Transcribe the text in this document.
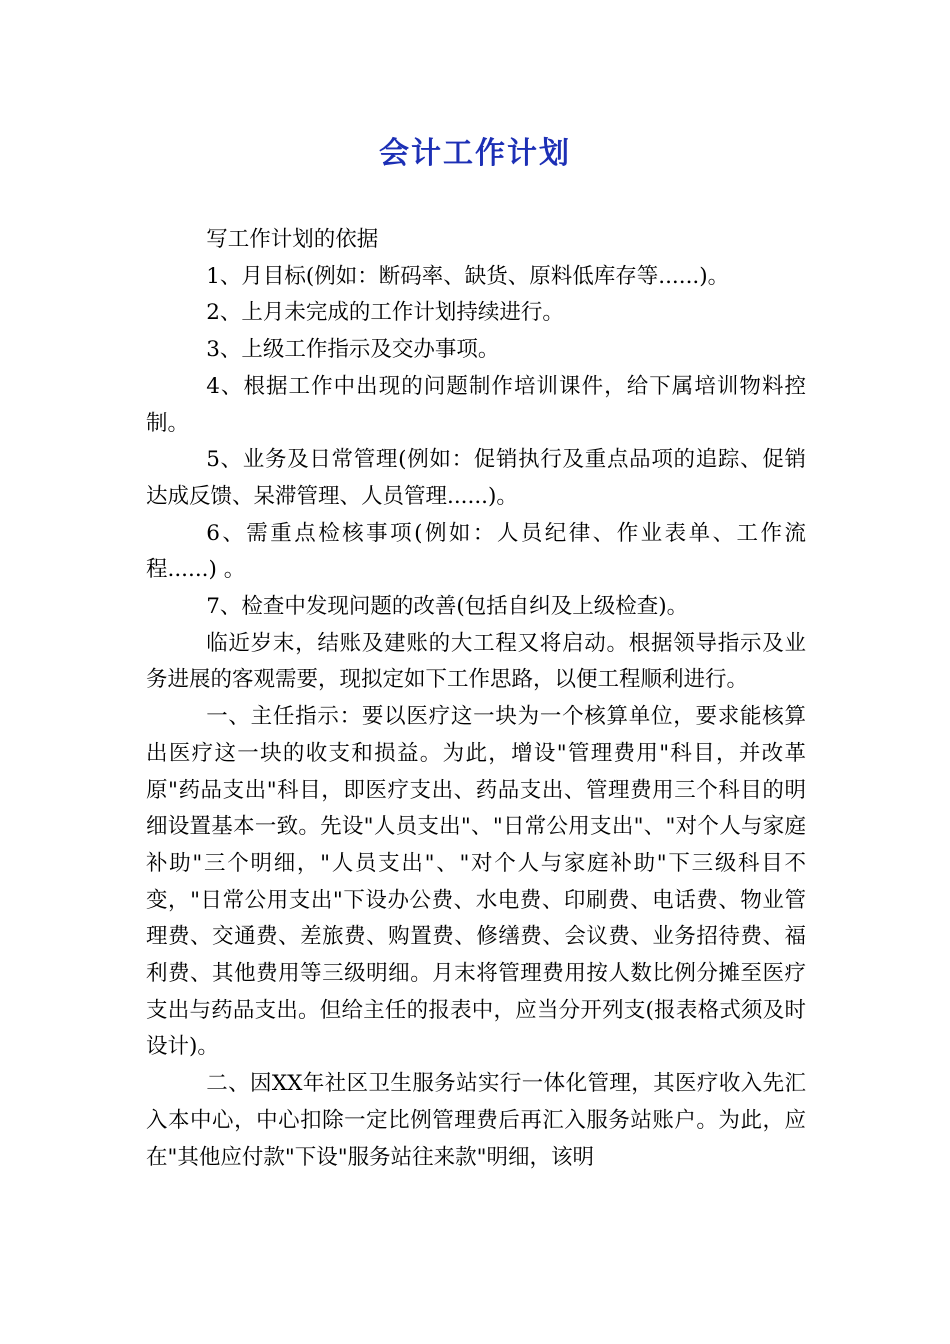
会计工作计划

写工作计划的依据

1、月目标(例如：断码率、缺货、原料低库存等......)。

2、上月未完成的工作计划持续进行。

3、上级工作指示及交办事项。

4、根据工作中出现的问题制作培训课件，给下属培训物料控制。

5、业务及日常管理(例如：促销执行及重点品项的追踪、促销达成反馈、呆滞管理、人员管理......)。

6、需重点检核事项(例如：人员纪律、作业表单、工作流程......) 。

7、检查中发现问题的改善(包括自纠及上级检查)。

临近岁末，结账及建账的大工程又将启动。根据领导指示及业务进展的客观需要，现拟定如下工作思路，以便工程顺利进行。

一、主任指示：要以医疗这一块为一个核算单位，要求能核算出医疗这一块的收支和损益。为此，增设"管理费用"科目，并改革原"药品支出"科目，即医疗支出、药品支出、管理费用三个科目的明细设置基本一致。先设"人员支出"、"日常公用支出"、"对个人与家庭补助"三个明细，"人员支出"、"对个人与家庭补助"下三级科目不变，"日常公用支出"下设办公费、水电费、印刷费、电话费、物业管理费、交通费、差旅费、购置费、修缮费、会议费、业务招待费、福利费、其他费用等三级明细。月末将管理费用按人数比例分摊至医疗支出与药品支出。但给主任的报表中，应当分开列支(报表格式须及时设计)。

二、因XX年社区卫生服务站实行一体化管理，其医疗收入先汇入本中心，中心扣除一定比例管理费后再汇入服务站账户。为此，应在"其他应付款"下设"服务站往来款"明细，该明
